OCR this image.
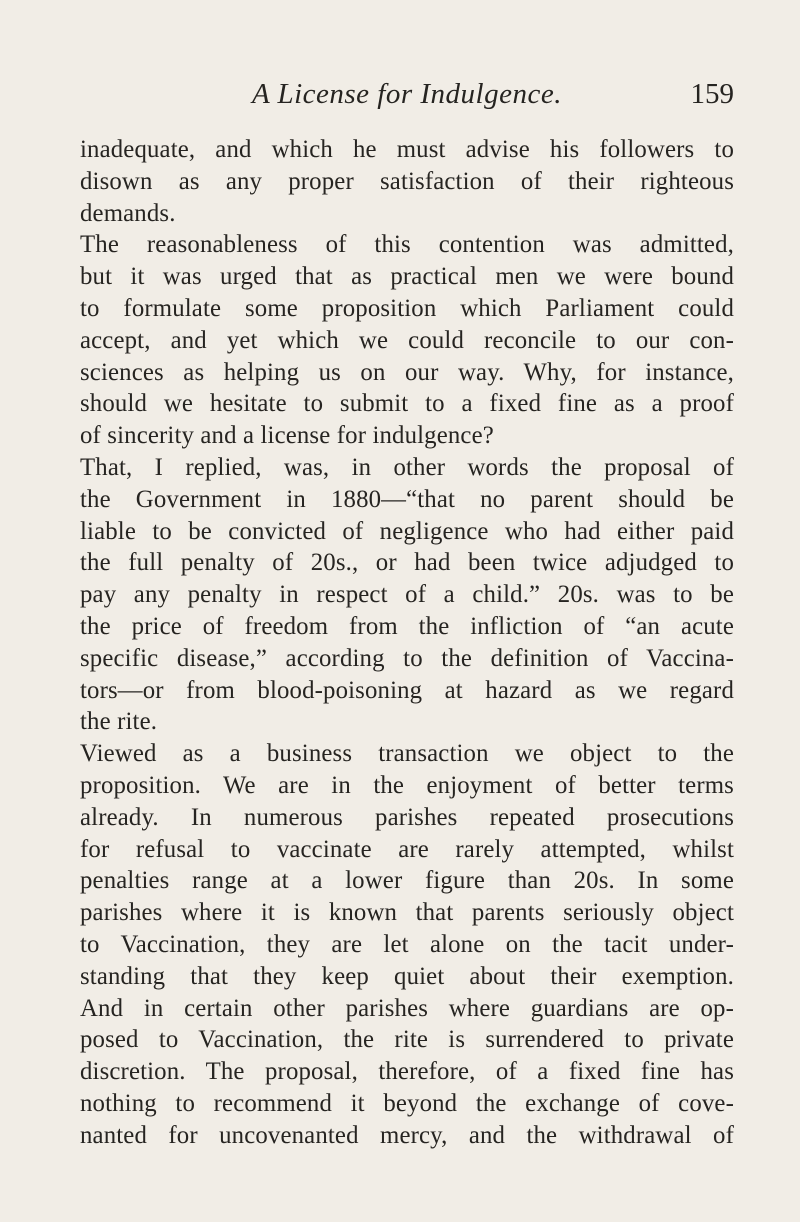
A License for Indulgence.	159

inadequate, and which he must advise his followers to
disown as any proper satisfaction of their righteous
demands.

The reasonableness of this contention was admitted,
but it was urged that as practical men we were bound
to formulate some proposition which Parliament could
accept, and yet which we could reconcile to our con-
sciences as helping us on our way. Why, for instance,
should we hesitate to submit to a fixed fine as a proof
of sincerity and a license for indulgence?

That, I replied, was, in other words the proposal of
the Government in 1880—“that no parent should be
liable to be convicted of negligence who had either paid
the full penalty of 20s., or had been twice adjudged to
pay any penalty in respect of a child.” 20s. was to be
the price of freedom from the infliction of “an acute
specific disease,” according to the definition of Vaccina-
tors—or from blood-poisoning at hazard as we regard
the rite.

Viewed as a business transaction we object to the
proposition. We are in the enjoyment of better terms
already. In numerous parishes repeated prosecutions
for refusal to vaccinate are rarely attempted, whilst
penalties range at a lower figure than 20s. In some
parishes where it is known that parents seriously object
to Vaccination, they are let alone on the tacit under-
standing that they keep quiet about their exemption.
And in certain other parishes where guardians are op-
posed to Vaccination, the rite is surrendered to private
discretion. The proposal, therefore, of a fixed fine has
nothing to recommend it beyond the exchange of cove-
nanted for uncovenanted mercy, and the withdrawal of
